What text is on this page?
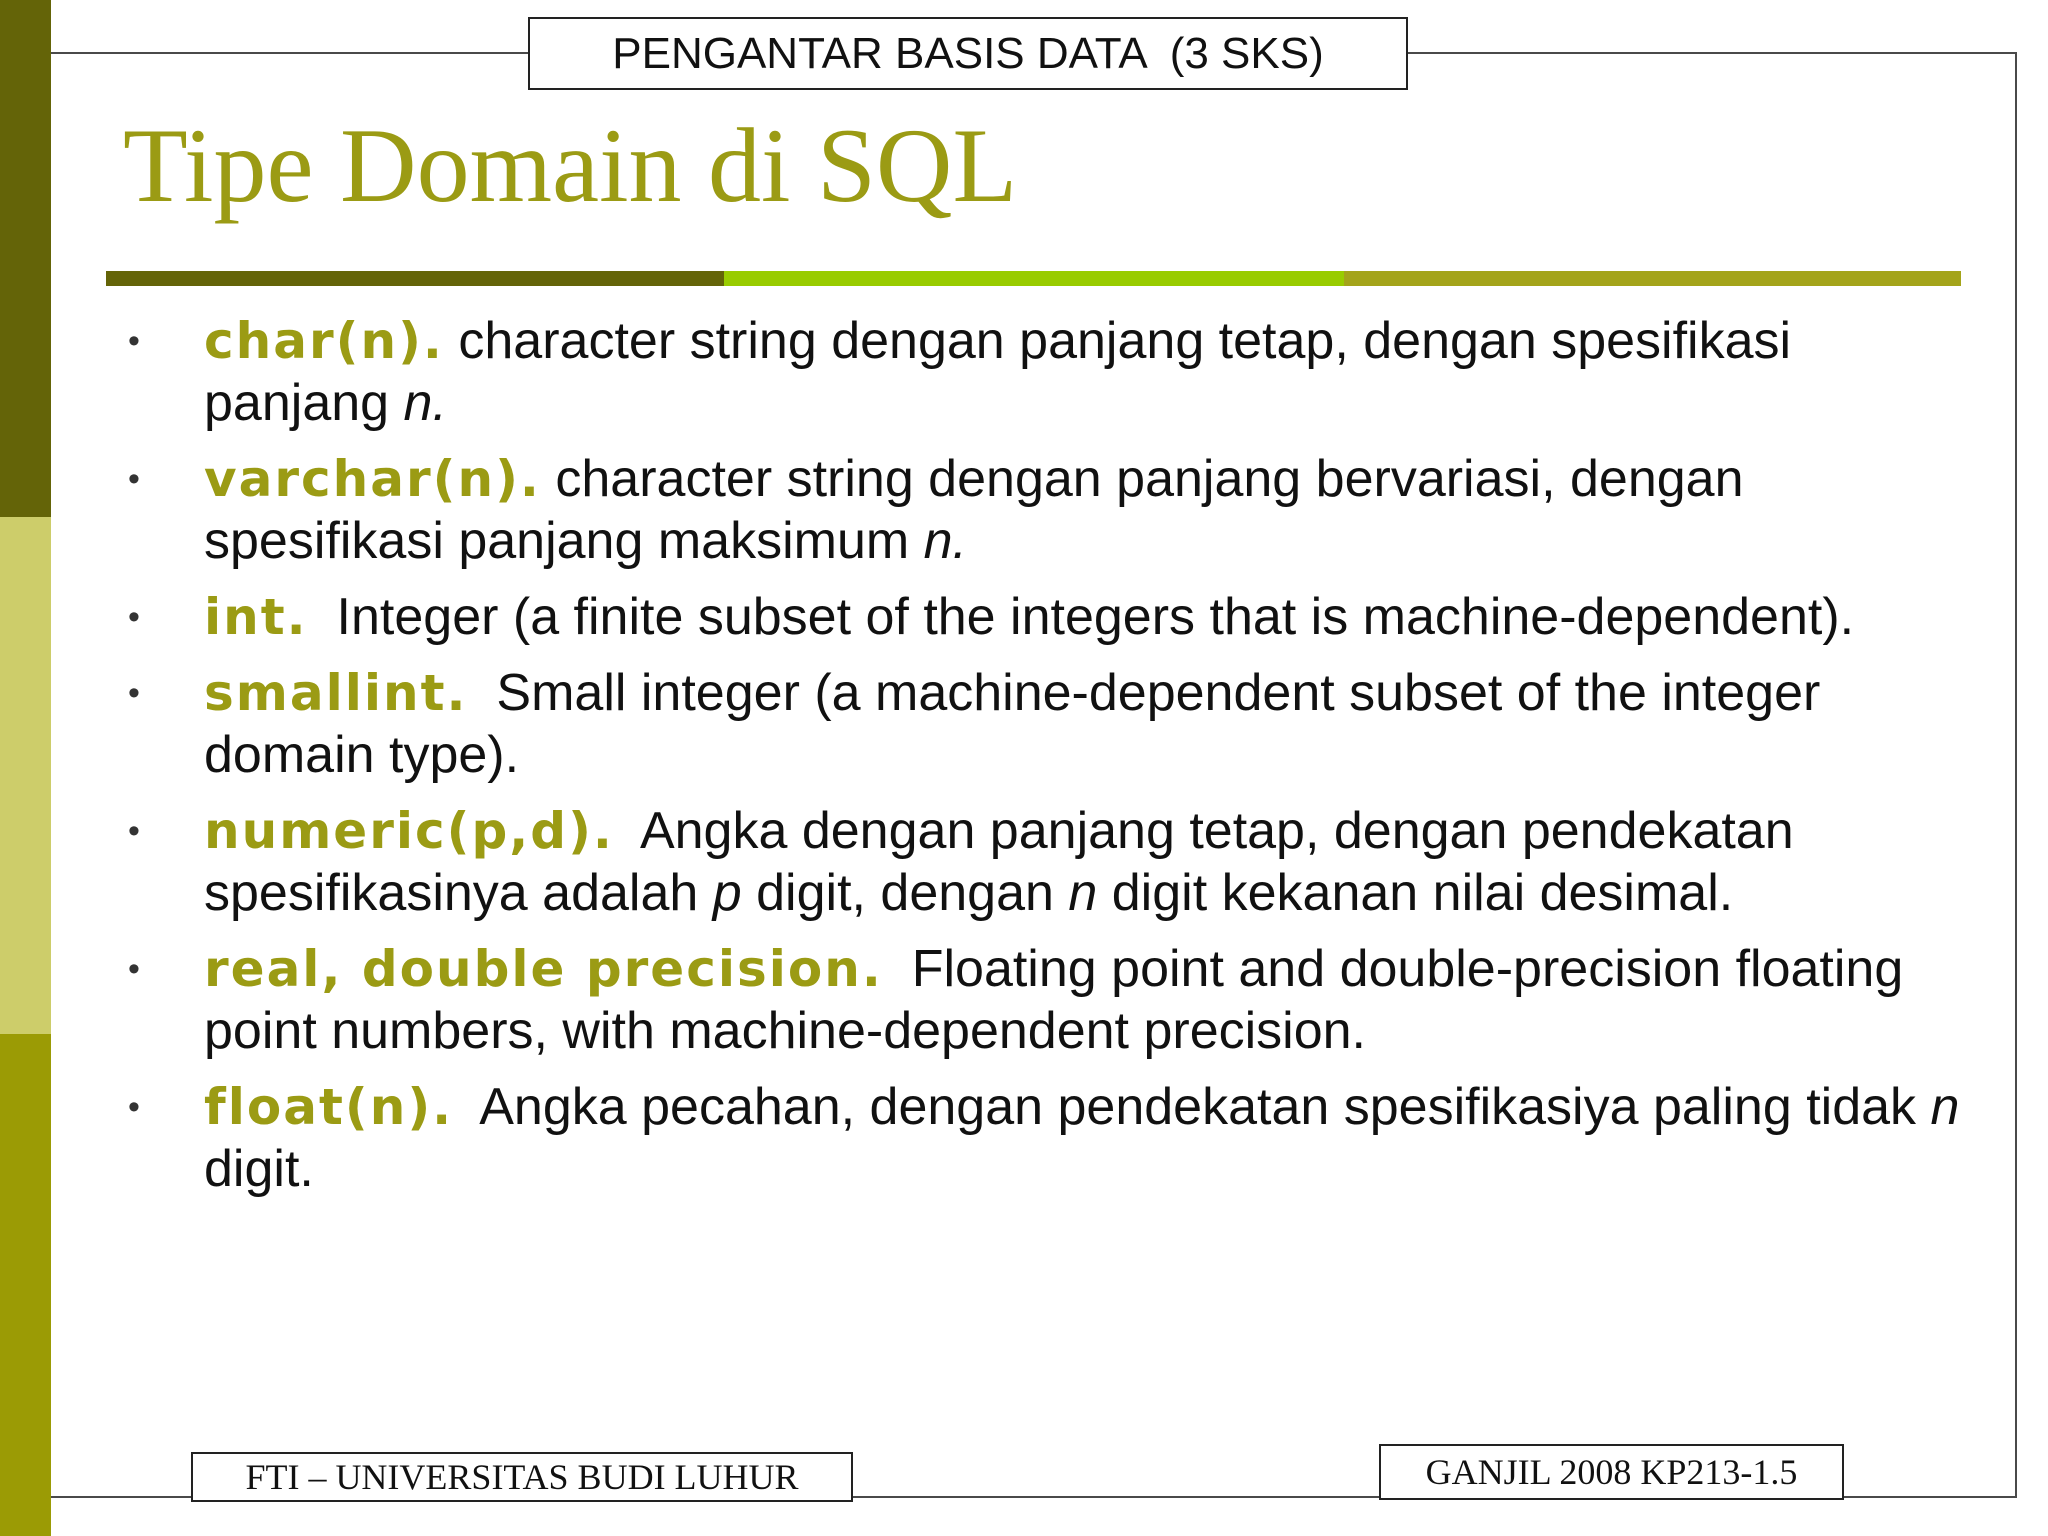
PENGANTAR BASIS DATA  (3 SKS)
Tipe Domain di SQL
• char(n). character string dengan panjang tetap, dengan spesifikasi panjang n.
• varchar(n). character string dengan panjang bervariasi, dengan spesifikasi panjang maksimum n.
• int.  Integer (a finite subset of the integers that is machine-dependent).
• smallint.  Small integer (a machine-dependent subset of the integer domain type).
• numeric(p,d).  Angka dengan panjang tetap, dengan pendekatan spesifikasinya adalah p digit, dengan n digit kekanan nilai desimal.
• real, double precision.  Floating point and double-precision floating point numbers, with machine-dependent precision.
• float(n).  Angka pecahan, dengan pendekatan spesifikasiya paling tidak n digit.
FTI – UNIVERSITAS BUDI LUHUR	GANJIL 2008 KP213-1.5
